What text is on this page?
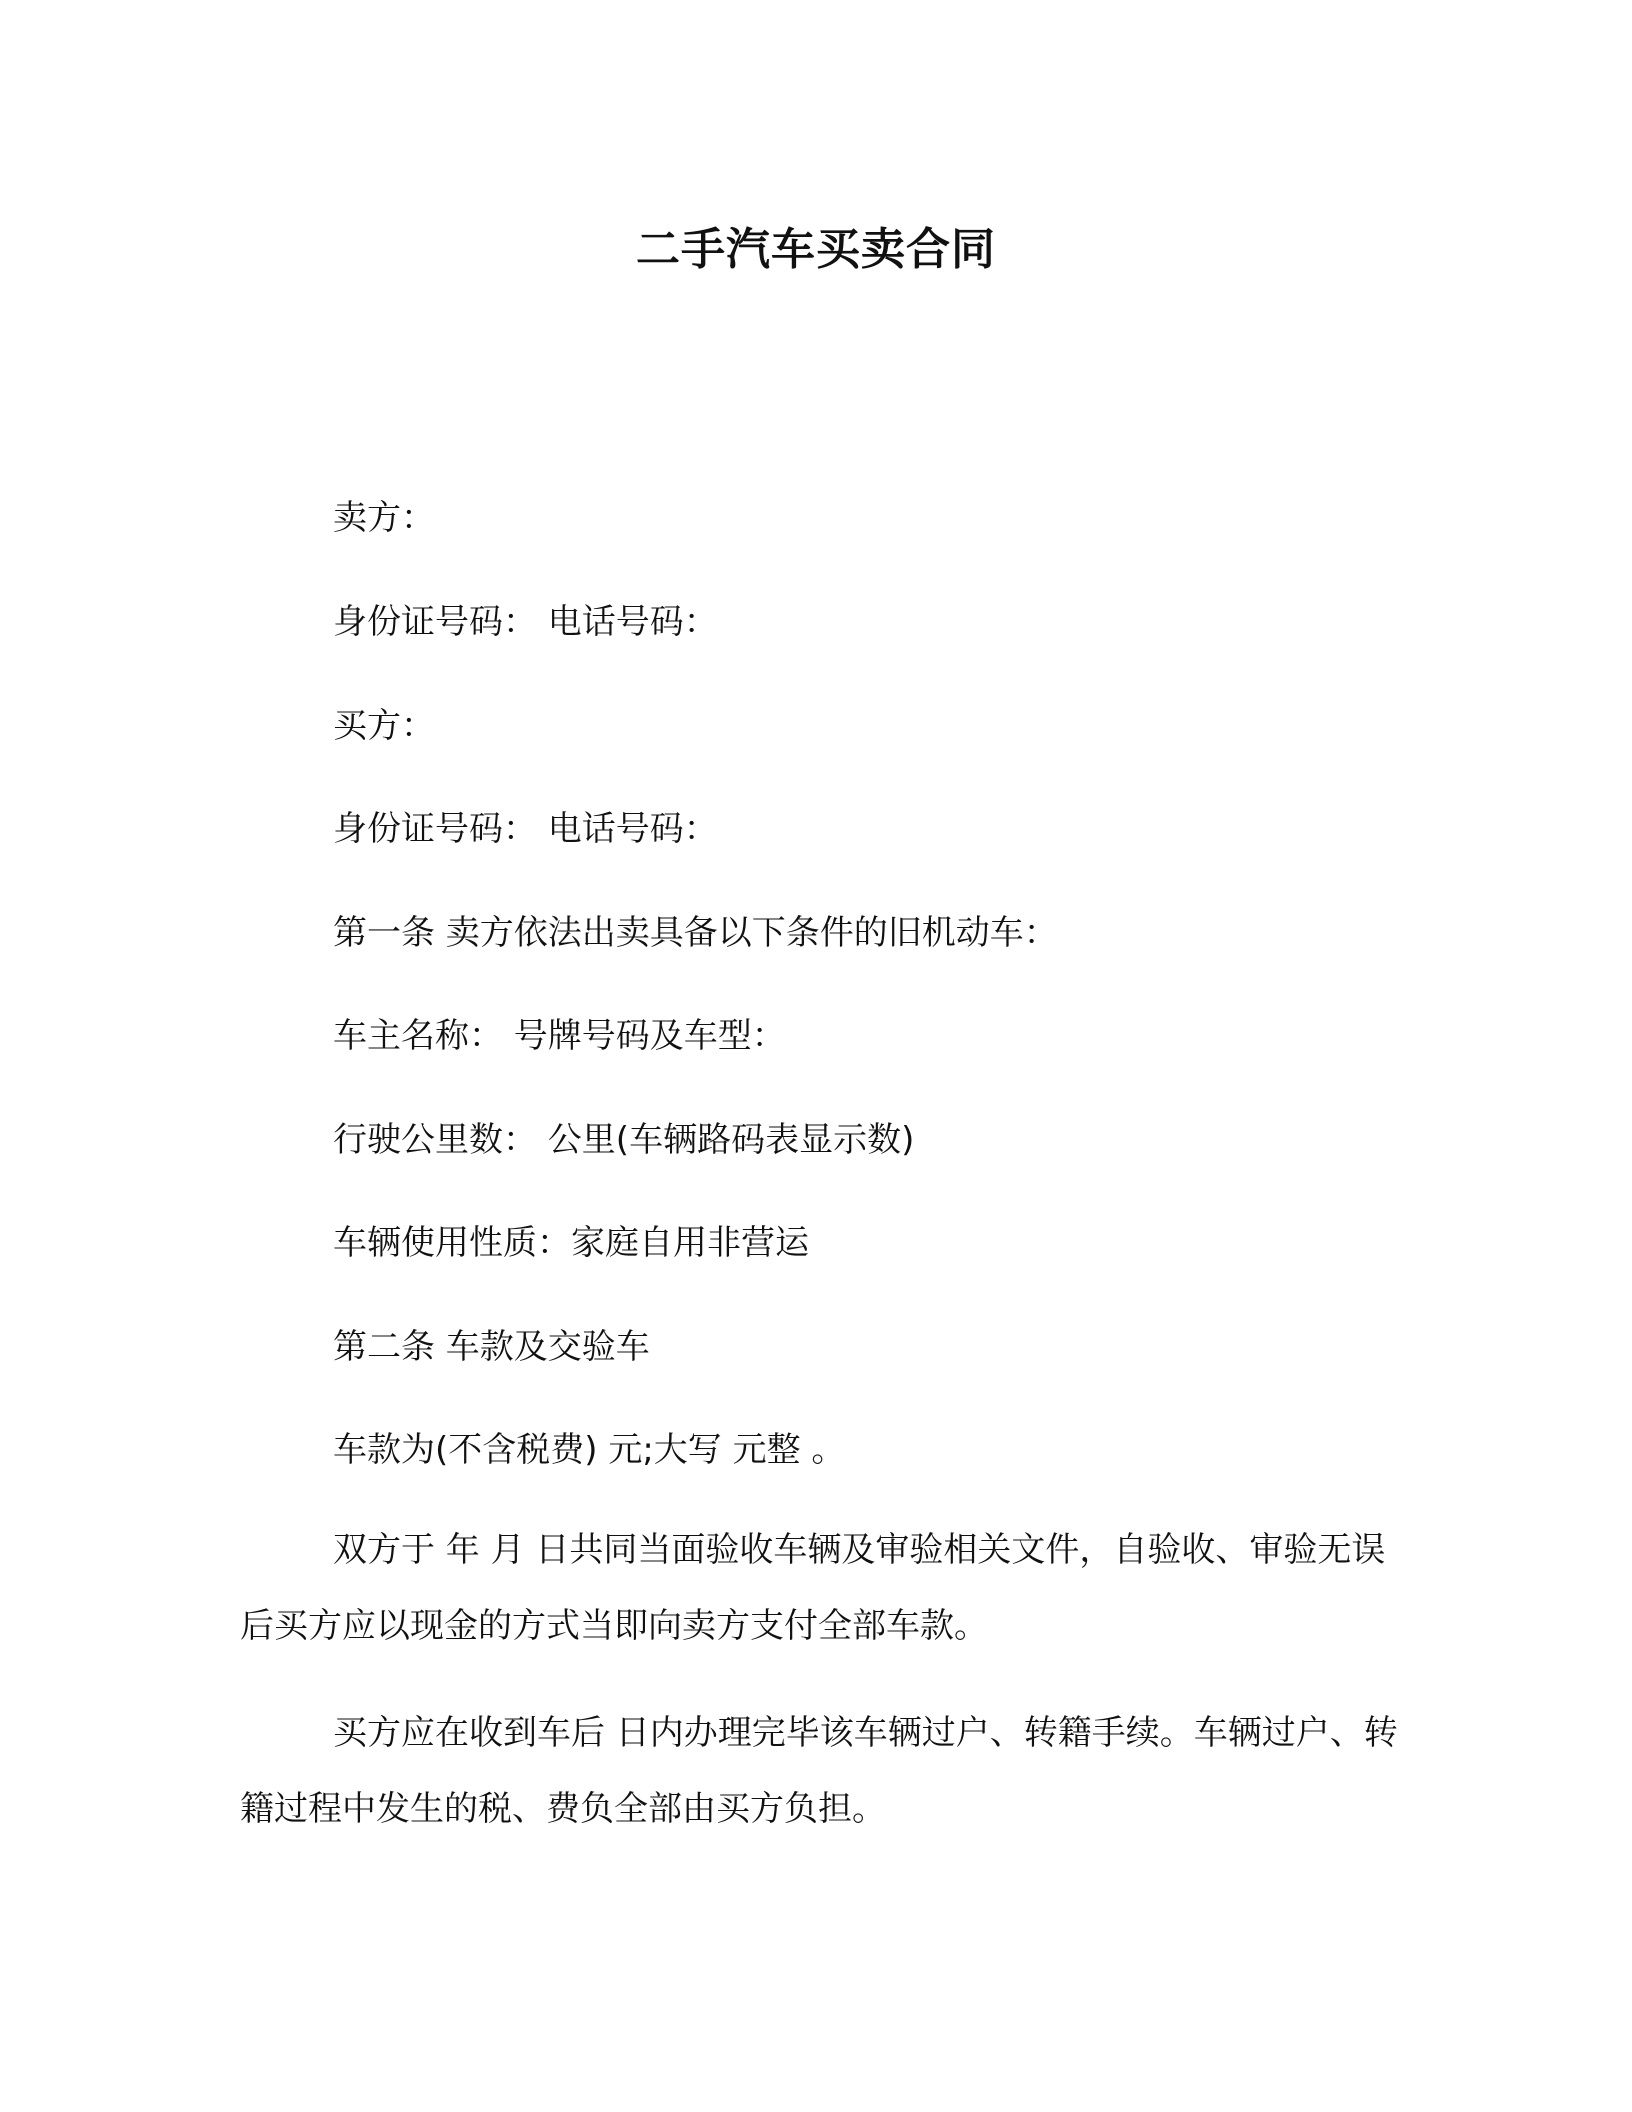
二手汽车买卖合同
卖方：
身份证号码： 电话号码：
买方：
身份证号码： 电话号码：
第一条 卖方依法出卖具备以下条件的旧机动车：
车主名称： 号牌号码及车型：
行驶公里数： 公里(车辆路码表显示数)
车辆使用性质：家庭自用非营运
第二条 车款及交验车
车款为(不含税费) 元;大写 元整 。

双方于 年 月 日共同当面验收车辆及审验相关文件，自验收、审验无误后买方应以现金的方式当即向卖方支付全部车款。

买方应在收到车后 日内办理完毕该车辆过户、转籍手续。车辆过户、转籍过程中发生的税、费负全部由买方负担。
